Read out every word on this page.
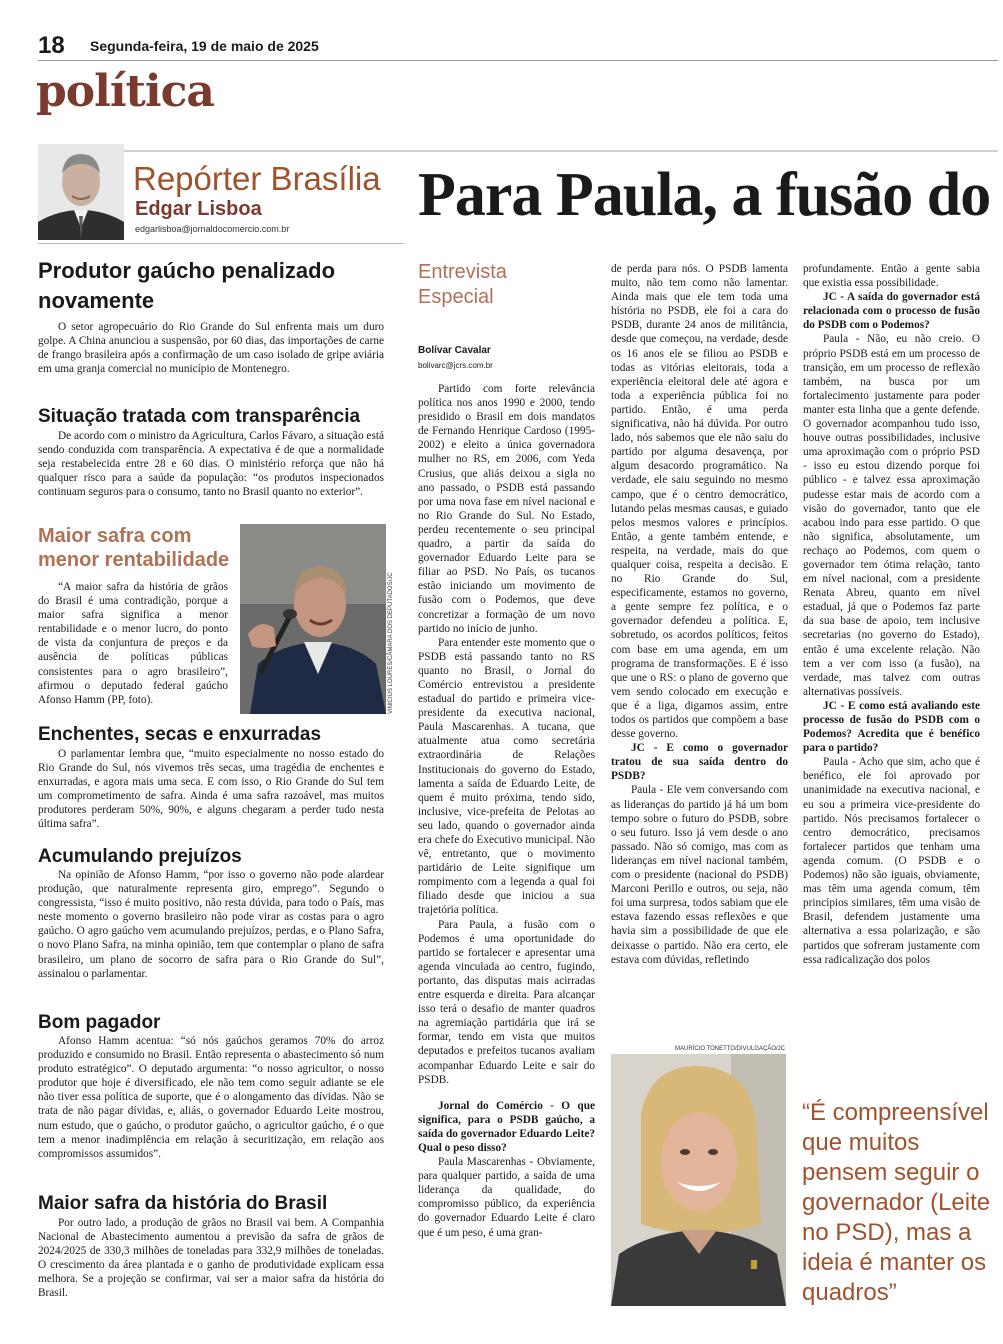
18 Segunda-feira, 19 de maio de 2025
política
Repórter Brasília
Edgar Lisboa
edgarlisboa@jornaldocomercio.com.br Para Paula, a fusão do
Produtor gaúcho penalizado novamente

O setor agropecuário do Rio Grande do Sul enfrenta mais um duro golpe. A China anunciou a suspensão, por 60 dias, das importações de carne de frango brasileira após a confirmação de um caso isolado de gripe aviária em uma granja comercial no município de Montenegro.

Situação tratada com transparência

De acordo com o ministro da Agricultura, Carlos Fávaro, a situação está sendo conduzida com transparência. A expectativa é de que a normalidade seja restabelecida entre 28 e 60 dias. O ministério reforça que não há qualquer risco para a saúde da população: “os produtos inspecionados continuam seguros para o consumo, tanto no Brasil quanto no exterior”.

Maior safra com menor rentabilidade

“A maior safra da história de grãos do Brasil é uma contradição, porque a maior safra significa a menor rentabilidade e o menor lucro, do ponto de vista da conjuntura de preços e da ausência de políticas públicas consistentes para o agro brasileiro”, afirmou o deputado federal gaúcho Afonso Hamm (PP, foto).	VINICIUS LOURES/CÂMARA DOS DEPUTADOS/JC
Enchentes, secas e enxurradas

O parlamentar lembra que, “muito especialmente no nosso estado do Rio Grande do Sul, nós vivemos três secas, uma tragédia de enchentes e enxurradas, e agora mais uma seca. E com isso, o Rio Grande do Sul tem um comprometimento de safra. Ainda é uma safra razoável, mas muitos produtores perderam 50%, 90%, e alguns chegaram a perder tudo nesta última safra”.

Acumulando prejuízos

Na opinião de Afonso Hamm, “por isso o governo não pode alardear produção, que naturalmente representa giro, emprego”. Segundo o congressista, “isso é muito positivo, não resta dúvida, para todo o País, mas neste momento o governo brasileiro não pode virar as costas para o agro gaúcho. O agro gaúcho vem acumulando prejuízos, perdas, e o Plano Safra, o novo Plano Safra, na minha opinião, tem que contemplar o plano de safra brasileiro, um plano de socorro de safra para o Rio Grande do Sul”, assinalou o parlamentar.

Bom pagador

Afonso Hamm acentua: “só nós gaúchos geramos 70% do arroz produzido e consumido no Brasil. Então representa o abastecimento só num produto estratégico”. O deputado argumenta: “o nosso agricultor, o nosso produtor que hoje é diversificado, ele não tem como seguir adiante se ele não tiver essa política de suporte, que é o alongamento das dívidas. Não se trata de não pagar dívidas, e, aliás, o governador Eduardo Leite mostrou, num estudo, que o gaúcho, o produtor gaúcho, o agricultor gaúcho, é o que tem a menor inadimplência em relação à securitização, em relação aos compromissos assumidos”.

Maior safra da história do Brasil

Por outro lado, a produção de grãos no Brasil vai bem. A Companhia Nacional de Abastecimento aumentou a previsão da safra de grãos de 2024/2025 de 330,3 milhões de toneladas para 332,9 milhões de toneladas. O crescimento da área plantada e o ganho de produtividade explicam essa melhora. Se a projeção se confirmar, vai ser a maior safra da história do Brasil.

Entrevista
Especial
Bolívar Cavalar
bolivarc@jcrs.com.br

Partido com forte relevância política nos anos 1990 e 2000, tendo presidido o Brasil em dois mandatos de Fernando Henrique Cardoso (1995-2002) e eleito a única governadora mulher no RS, em 2006, com Yeda Crusius, que aliás deixou a sigla no ano passado, o PSDB está passando por uma nova fase em nível nacional e no Rio Grande do Sul. No Estado, perdeu recentemente o seu principal quadro, a partir da saída do governador Eduardo Leite para se filiar ao PSD. No País, os tucanos estão iniciando um movimento de fusão com o Podemos, que deve concretizar a formação de um novo partido no início de junho.

Para entender este momento que o PSDB está passando tanto no RS quanto no Brasil, o Jornal do Comércio entrevistou a presidente estadual do partido e primeira vice-presidente da executiva nacional, Paula Mascarenhas. A tucana, que atualmente atua como secretária extraordinária de Relações Institucionais do governo do Estado, lamenta a saída de Eduardo Leite, de quem é muito próxima, tendo sido, inclusive, vice-prefeita de Pelotas ao seu lado, quando o governador ainda era chefe do Executivo municipal. Não vê, entretanto, que o movimento partidário de Leite signifique um rompimento com a legenda a qual foi filiado desde que iniciou a sua trajetória política.

Para Paula, a fusão com o Podemos é uma oportunidade do partido se fortalecer e apresentar uma agenda vinculada ao centro, fugindo, portanto, das disputas mais acirradas entre esquerda e direita. Para alcançar isso terá o desafio de manter quadros na agremiação partidária que irá se formar, tendo em vista que muitos deputados e prefeitos tucanos avaliam acompanhar Eduardo Leite e sair do PSDB.

Jornal do Comércio - O que significa, para o PSDB gaúcho, a saída do governador Eduardo Leite? Qual o peso disso?

Paula Mascarenhas - Obviamente, para qualquer partido, a saída de uma liderança da qualidade, do compromisso público, da experiência do governador Eduardo Leite é claro que é um peso, é uma gran-

de perda para nós. O PSDB lamenta muito, não tem como não lamentar. Ainda mais que ele tem toda uma história no PSDB, ele foi a cara do PSDB, durante 24 anos de militância, desde que começou, na verdade, desde os 16 anos ele se filiou ao PSDB e todas as vitórias eleitorais, toda a experiência eleitoral dele até agora e toda a experiência pública foi no partido. Então, é uma perda significativa, não há dúvida. Por outro lado, nós sabemos que ele não saiu do partido por alguma desavença, por algum desacordo programático. Na verdade, ele saiu seguindo no mesmo campo, que é o centro democrático, lutando pelas mesmas causas, e guiado pelos mesmos valores e princípios. Então, a gente também entende, e respeita, na verdade, mais do que qualquer coisa, respeita a decisão. E no Rio Grande do Sul, especificamente, estamos no governo, a gente sempre fez política, e o governador defendeu a política. E, sobretudo, os acordos políticos, feitos com base em uma agenda, em um programa de transformações. E é isso que une o RS: o plano de governo que vem sendo colocado em execução e que é a liga, digamos assim, entre todos os partidos que compõem a base desse governo.

JC - E como o governador tratou de sua saída dentro do PSDB?

Paula - Ele vem conversando com as lideranças do partido já há um bom tempo sobre o futuro do PSDB, sobre o seu futuro. Isso já vem desde o ano passado. Não só comigo, mas com as lideranças em nível nacional também, com o presidente (nacional do PSDB) Marconi Perillo e outros, ou seja, não foi uma surpresa, todos sabiam que ele estava fazendo essas reflexões e que havia sim a possibilidade de que ele deixasse o partido. Não era certo, ele estava com dúvidas, refletindo

profundamente. Então a gente sabia que existia essa possibilidade.

JC - A saída do governador está relacionada com o processo de fusão do PSDB com o Podemos?

Paula - Não, eu não creio. O próprio PSDB está em um processo de transição, em um processo de reflexão também, na busca por um fortalecimento justamente para poder manter esta linha que a gente defende. O governador acompanhou tudo isso, houve outras possibilidades, inclusive uma aproximação com o próprio PSD - isso eu estou dizendo porque foi público - e talvez essa aproximação pudesse estar mais de acordo com a visão do governador, tanto que ele acabou indo para esse partido. O que não significa, absolutamente, um rechaço ao Podemos, com quem o governador tem ótima relação, tanto em nível nacional, com a presidente Renata Abreu, quanto em nível estadual, já que o Podemos faz parte da sua base de apoio, tem inclusive secretarias (no governo do Estado), então é uma excelente relação. Não tem a ver com isso (a fusão), na verdade, mas talvez com outras alternativas possíveis.

JC - E como está avaliando este processo de fusão do PSDB com o Podemos? Acredita que é benéfico para o partido?

Paula - Acho que sim, acho que é benéfico, ele foi aprovado por unanimidade na executiva nacional, e eu sou a primeira vice-presidente do partido. Nós precisamos fortalecer o centro democrático, precisamos fortalecer partidos que tenham uma agenda comum. (O PSDB e o Podemos) não são iguais, obviamente, mas têm uma agenda comum, têm princípios similares, têm uma visão de Brasil, defendem justamente uma alternativa a essa polarização, e são partidos que sofreram justamente com essa radicalização dos polos

MAURÍCIO TONETTO/DIVULGAÇÃO/JC
“É compreensível que muitos pensem seguir o governador (Leite no PSD), mas a ideia é manter os quadros”
